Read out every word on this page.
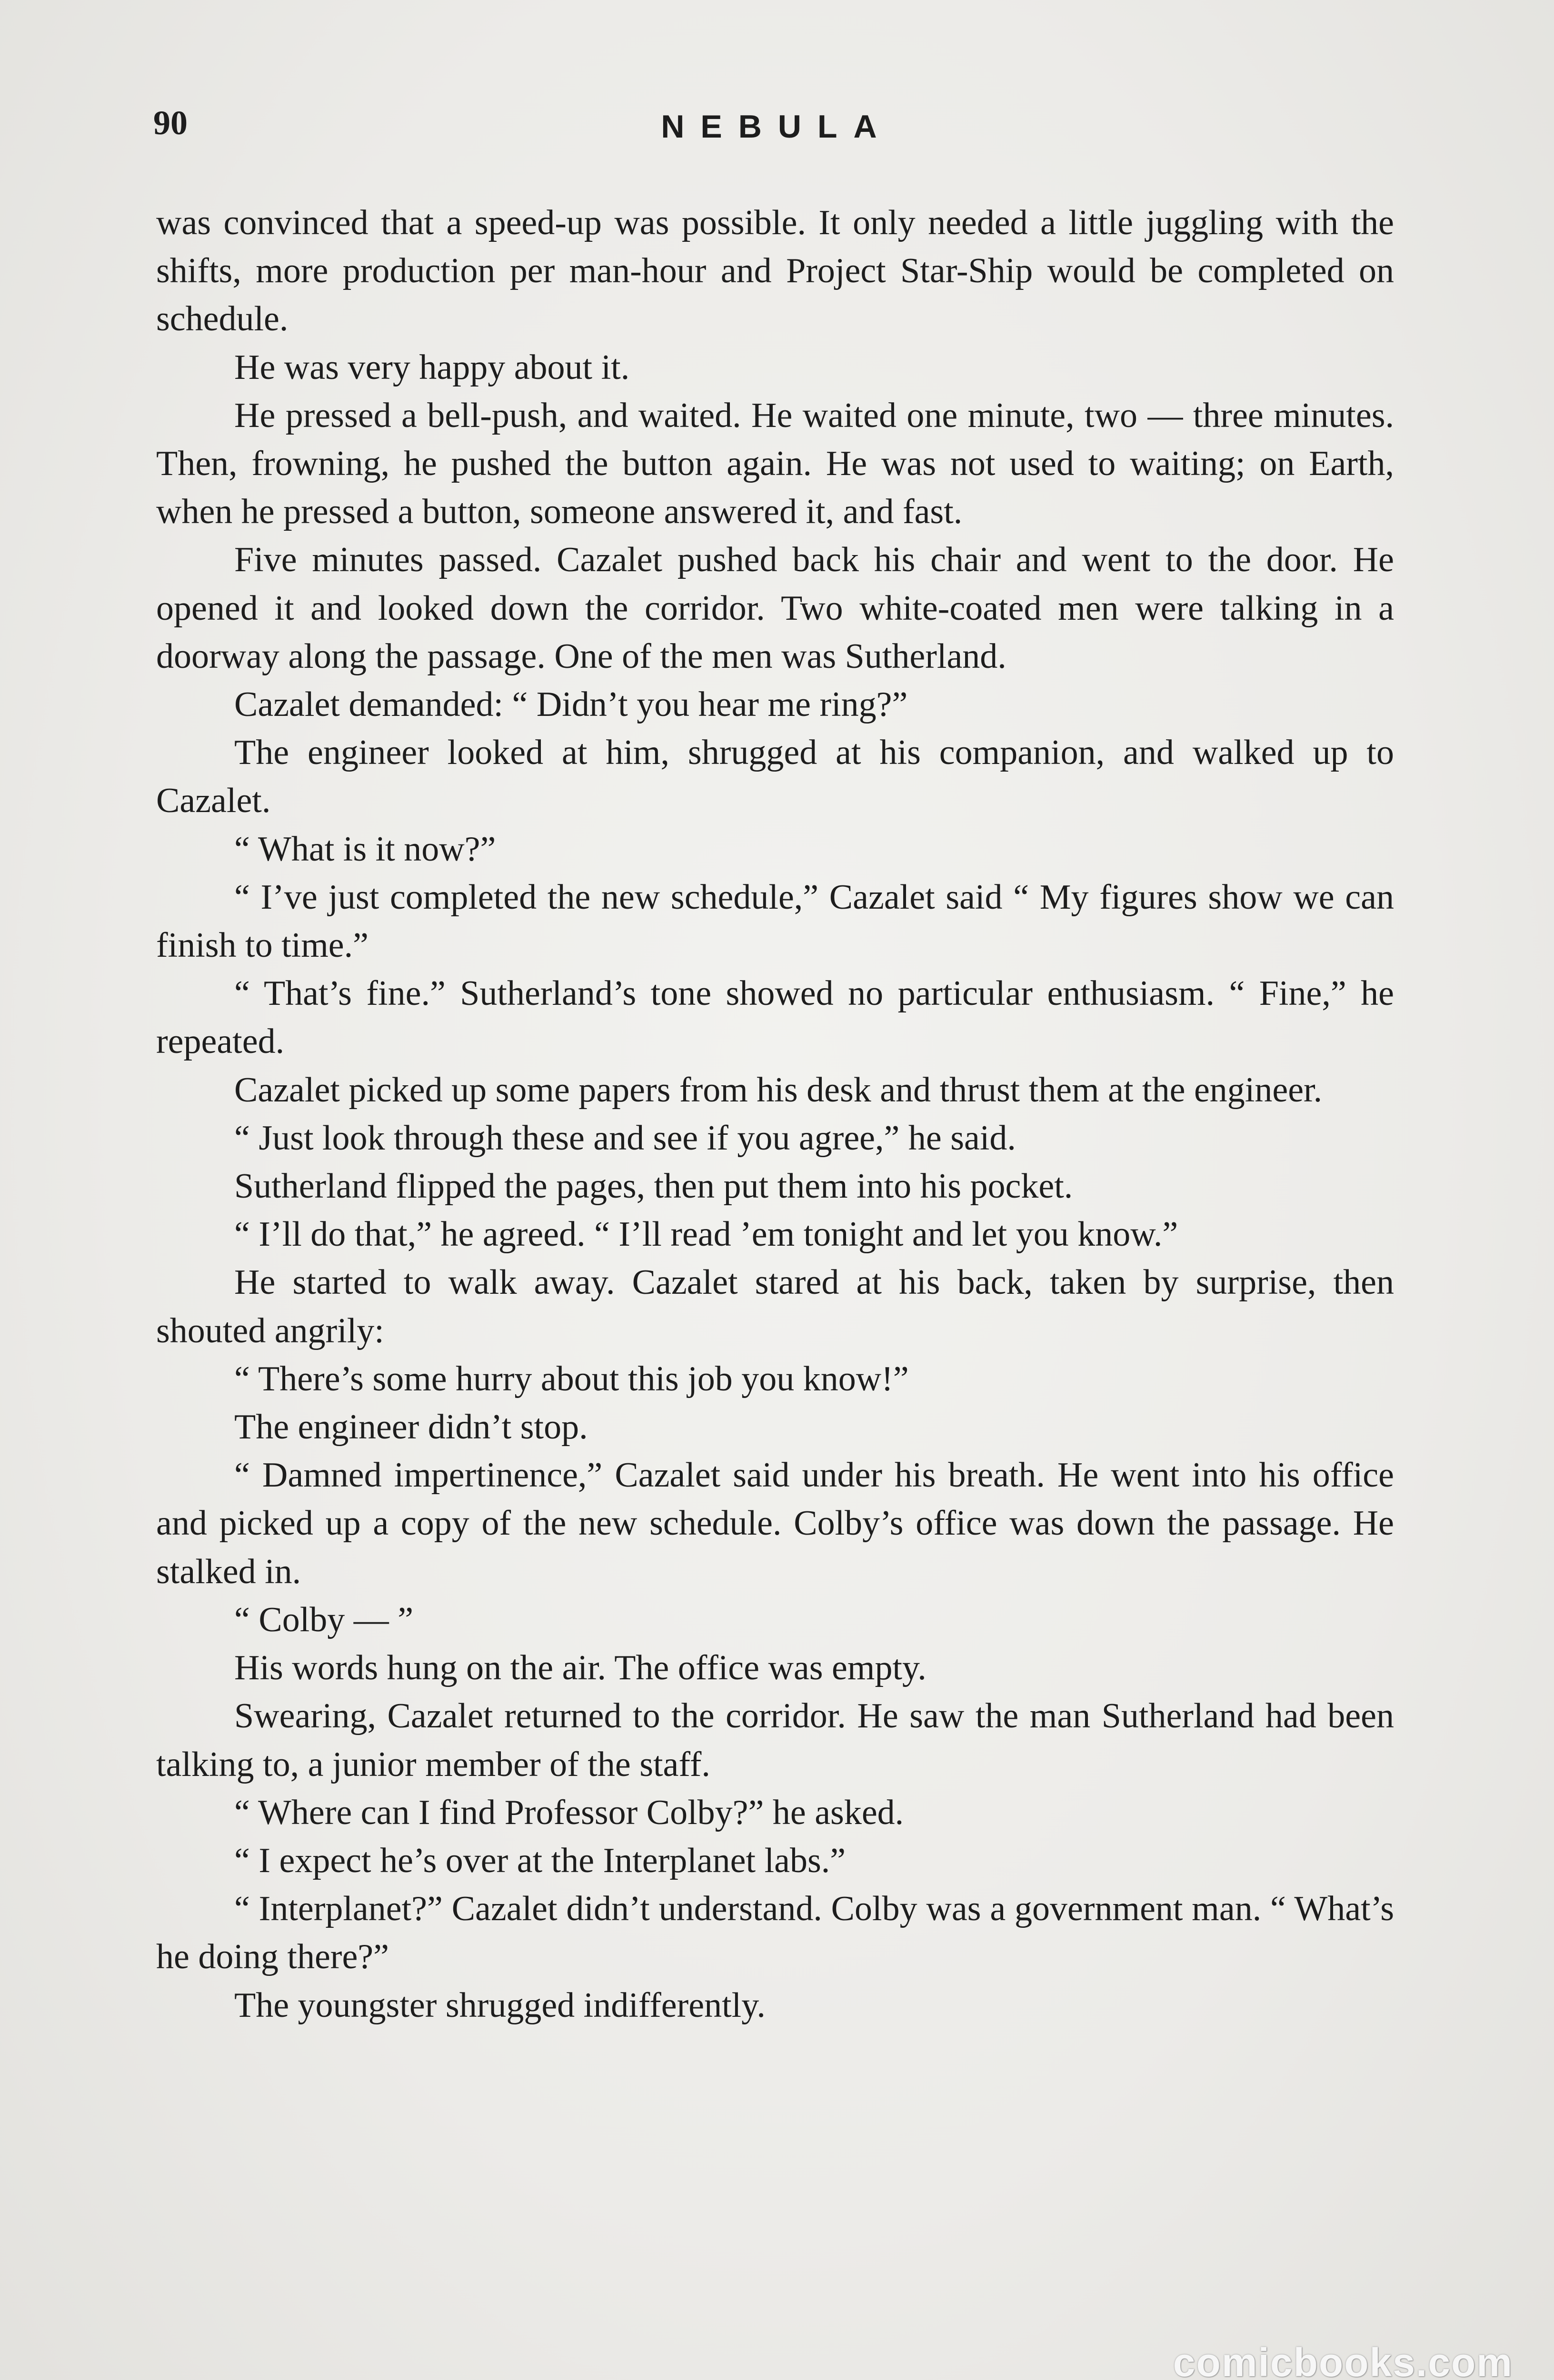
90	NEBULA

was convinced that a speed-up was possible. It only needed a little juggling with the shifts, more production per man-hour and Project Star-Ship would be completed on schedule.

He was very happy about it.

He pressed a bell-push, and waited. He waited one minute, two — three minutes. Then, frowning, he pushed the button again. He was not used to waiting; on Earth, when he pressed a button, someone answered it, and fast.

Five minutes passed. Cazalet pushed back his chair and went to the door. He opened it and looked down the corridor. Two white-coated men were talking in a doorway along the passage. One of the men was Sutherland.

Cazalet demanded: “ Didn’t you hear me ring?”

The engineer looked at him, shrugged at his companion, and walked up to Cazalet.

“ What is it now?”

“ I’ve just completed the new schedule,” Cazalet said “ My figures show we can finish to time.”

“ That’s fine.” Sutherland’s tone showed no particular enthusiasm. “ Fine,” he repeated.

Cazalet picked up some papers from his desk and thrust them at the engineer.

“ Just look through these and see if you agree,” he said.

Sutherland flipped the pages, then put them into his pocket.

“ I’ll do that,” he agreed. “ I’ll read ’em tonight and let you know.”

He started to walk away. Cazalet stared at his back, taken by surprise, then shouted angrily:

“ There’s some hurry about this job you know!”

The engineer didn’t stop.

“ Damned impertinence,” Cazalet said under his breath. He went into his office and picked up a copy of the new schedule. Colby’s office was down the passage. He stalked in.

“ Colby — ”

His words hung on the air. The office was empty.

Swearing, Cazalet returned to the corridor. He saw the man Sutherland had been talking to, a junior member of the staff.

“ Where can I find Professor Colby?” he asked.

“ I expect he’s over at the Interplanet labs.”

“ Interplanet?” Cazalet didn’t understand. Colby was a government man. “ What’s he doing there?”

The youngster shrugged indifferently.

comicbooks.com
